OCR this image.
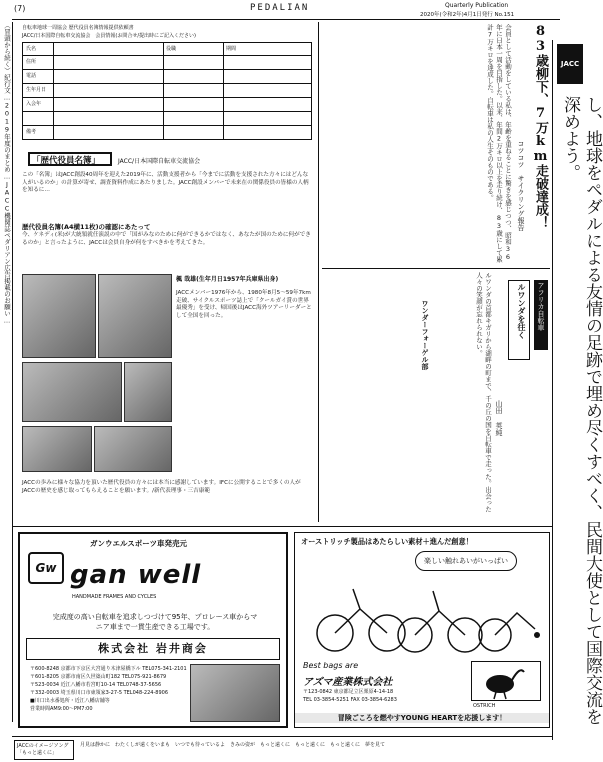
(7)	PEDALIAN	Quarterly Publication
2020年(令和2年)4月1日発行 No.151
JACC
し、地球をペダルによる友情の足跡で埋め尽くすべく、民間大使として国際交流を深めよう。
（冒頭から続く）紀行文…2019年度のまとめ…JACC機関誌ペダリアン広告掲載のお願い… 自転車地球一周協会 歴代役員名簿情報提供依頼書
JACC/日本国際自転車交流協会　会員情報(お問合せ/提出時にご記入ください)
氏名
住所
電話
生年月日
入会年
役職	期間
備考
「歴代役員名簿」	JACC/日本国際自転車交流協会
この「名簿」はJACC創設40周年を迎えた2019年に、活動支援者から「今までに活動を支援された方々にはどんな人がいるのか」の計算が寄せ、調査資料作成にあたりました。JACC創設メンバーで未来在の関係役員の皆様の人柄を知るに…
歴代役員名簿(A4横11枚)の確認にあたって
今、ケネディ(米)が大統領就任演説の中で「国がみなのために何ができるかではなく、あなたが国のために何ができるのか」と言ったように、JACCは会員自身が何をすべきかを考えてきた。
楓 哉雄(生年月日1957年兵庫県出身)
JACCメンバー1976年から、1980年8月5〜59年7km走破、サイクルスポーツ誌上で「クールガイ賞の世界最優秀」を受け、帰国後はJACC海外ツアーリーダーとして全国を回った。
JACCの歩みに様々な協力を頂いた歴代役員の方々には本当に感謝しています。IFCに公開することで多くの人がJACCの歴史を感じ取ってもらえることを願います。/新代表理事・三吉康範
83歳柳下、7万km走破達成！
コツコツ　サイクリング報告
会員として活動をしている私は、年齢を重ねることに驚きを感じつつ、昭和36年に日本一周を目指した。以来、年間2万キロ以上を走り続け、83歳にして累計7万キロを達成した。自転車は私の人生そのものである。
アフリカ自転車
ルワンダを往く
山田 英純
ルワンダの首都キガリから湖畔の町まで、千の丘の国を自転車で走った。出会った人々の笑顔が忘れられない。
ワンダーフォーゲル部
ガンウエルスポーツ車発売元
Gw gan well
HANDMADE FRAMES AND CYCLES
完成度の高い自転車を追求しつづけて95年、プロレース車からマニア車まで一貫生産できる工場です。
株式会社 岩井商会
〒600-8248 京都市下京区大宮通り木津屋橋下ル TEL075-341-2101
〒601-8205 京都市南区久世築山町182 TEL075-921-8679
〒523-0034 近江八幡市若宮町10-14 TEL0748-37-5656
〒332-0003 埼玉県川口市東領家3-27-5 TEL048-224-8906
■川口出水番処所・近江八幡店舗等
営業時間AM9:00〜PM7:00
オーストリッチ製品はあたらしい素材＋進んだ創意！
楽しい触れあいがいっぱい
Best bags are
アズマ産業株式会社
〒123-0842 東京都足立区栗原4-14-18
TEL 03-3854-5251 FAX 03-3854-6283
OSTRICH
冒険ごころを燃やすYOUNG HEARTを応援します！
JACCのイメージソング「もっと遠くに」
月見は静かに　わたくしが遠くをいまも　いつでも待っているよ　きみの姿が　もっと遠くに　もっと遠くに　もっと遠くに　夢を見て
